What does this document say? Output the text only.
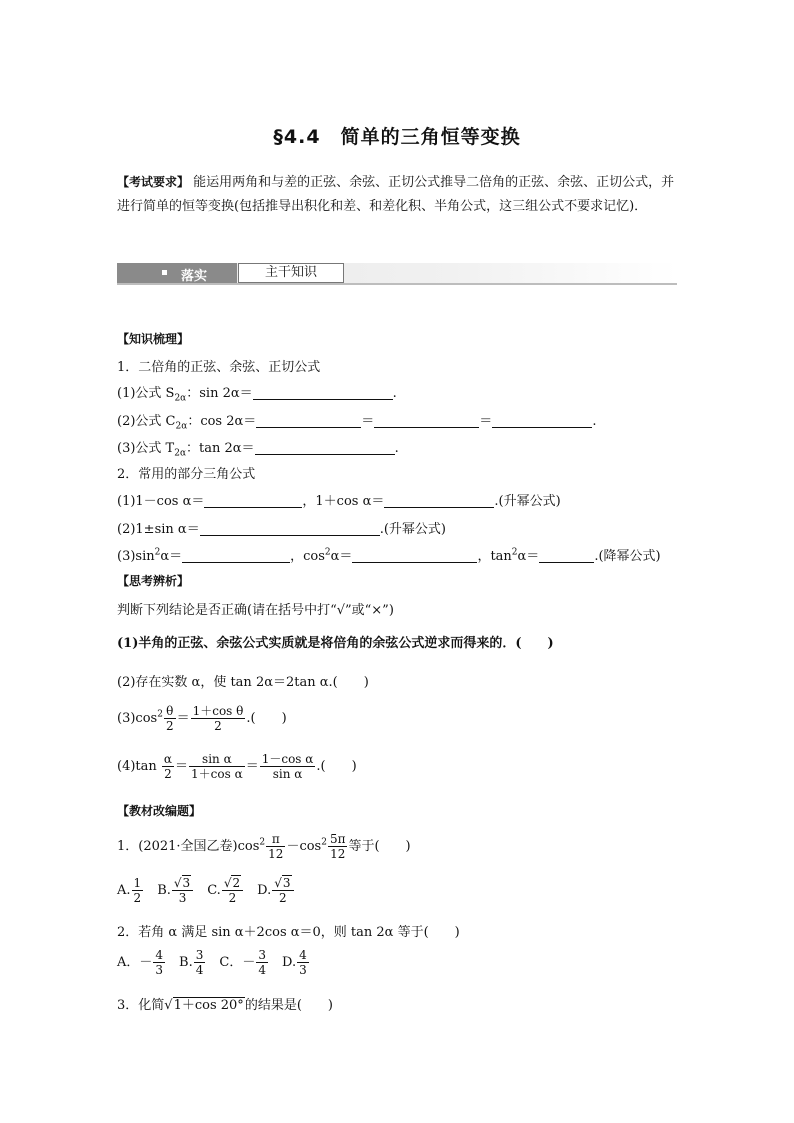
§4.4　简单的三角恒等变换
【考试要求】 能运用两角和与差的正弦、余弦、正切公式推导二倍角的正弦、余弦、正切公式，并进行简单的恒等变换(包括推导出积化和差、和差化积、半角公式，这三组公式不要求记忆)．
落实	主干知识
【知识梳理】
1．二倍角的正弦、余弦、正切公式
(1)公式 $S_{2\alpha}$：sin 2α＝	.
(2)公式 $C_{2\alpha}$：cos 2α＝	＝	＝	.
(3)公式 $T_{2\alpha}$：tan 2α＝	.
2．常用的部分三角公式
(1)1－cos α＝	，1＋cos α＝	.(升幂公式)
(2)1±sin α＝	.(升幂公式)
$(3)\sin^2\alpha=$	，$\cos^2\alpha=$	，$\tan^2\alpha=$	.(降幂公式)
【思考辨析】
判断下列结论是否正确(请在括号中打“√”或“×”)
(1)半角的正弦、余弦公式实质就是将倍角的余弦公式逆求而得来的．(　　)
(2)存在实数 α，使 tan 2α＝2tan α.(　　)
$(3)\cos^2 \frac{\theta}{2} = \frac{\text{1＋cos θ}}{2}$ .(　　)
$(4)\tan \frac{\alpha}{2} = \frac{\text{sin α}}{\text{1＋cos α}} = \frac{\text{1－cos α}}{\text{sin α}}$ .(　　)
【教材改编题】
1．(2021·全国乙卷)$\cos^2 \frac{\pi}{12} -\cos^2 \frac{5\pi}{12}$ 等于(　　)
A. $\frac{1}{2}$
　 B. $\frac{√3}{3}$
　 C. $\frac{√2}{2}$
　 D. $\frac{√3}{2}$
2．若角 α 满足 sin α＋2cos α＝0，则 tan 2α 等于(　　)
A．－ $\frac{4}{3}$
　 B. $\frac{3}{4}$
　 C．－ $\frac{3}{4}$
　 D. $\frac{4}{3}$
3．化简√1＋cos 20°的结果是(　　)
